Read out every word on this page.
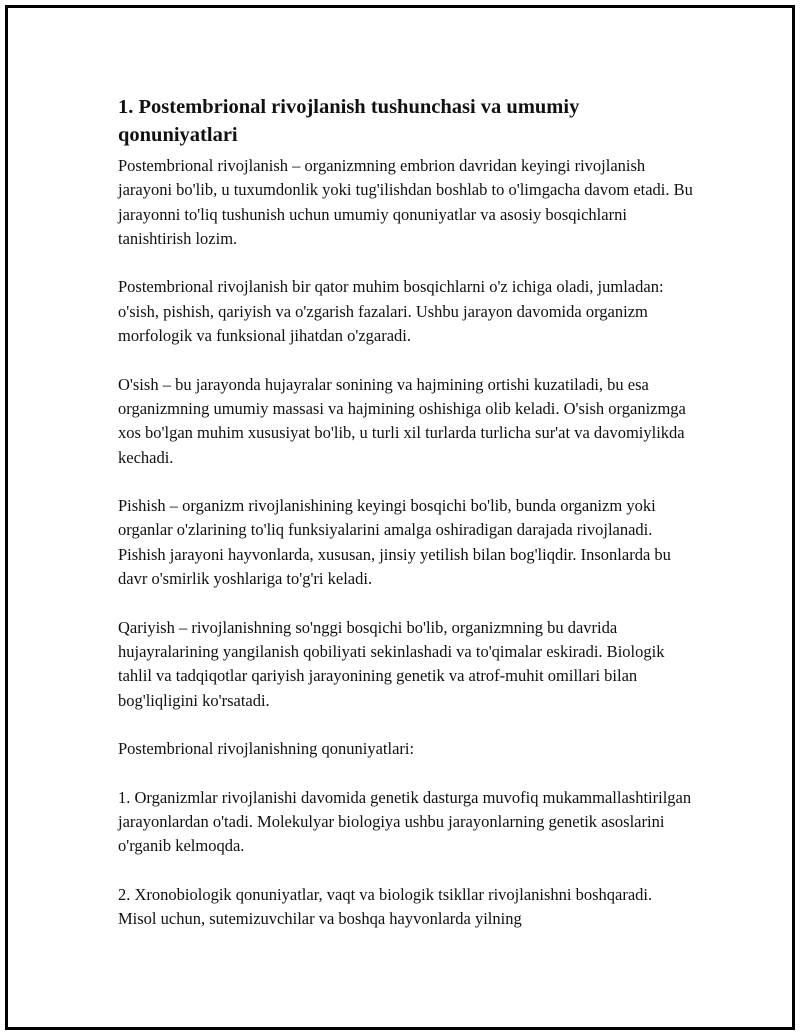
1. Postembrional rivojlanish tushunchasi va umumiy qonuniyatlari

Postembrional rivojlanish – organizmning embrion davridan keyingi rivojlanish jarayoni bo'lib, u tuxumdonlik yoki tug'ilishdan boshlab to o'limgacha davom etadi. Bu jarayonni to'liq tushunish uchun umumiy qonuniyatlar va asosiy bosqichlarni tanishtirish lozim.

Postembrional rivojlanish bir qator muhim bosqichlarni o'z ichiga oladi, jumladan: o'sish, pishish, qariyish va o'zgarish fazalari. Ushbu jarayon davomida organizm morfologik va funksional jihatdan o'zgaradi.

O'sish – bu jarayonda hujayralar sonining va hajmining ortishi kuzatiladi, bu esa organizmning umumiy massasi va hajmining oshishiga olib keladi. O'sish organizmga xos bo'lgan muhim xususiyat bo'lib, u turli xil turlarda turlicha sur'at va davomiylikda kechadi.

Pishish – organizm rivojlanishining keyingi bosqichi bo'lib, bunda organizm yoki organlar o'zlarining to'liq funksiyalarini amalga oshiradigan darajada rivojlanadi. Pishish jarayoni hayvonlarda, xususan, jinsiy yetilish bilan bog'liqdir. Insonlarda bu davr o'smirlik yoshlariga to'g'ri keladi.

Qariyish – rivojlanishning so'nggi bosqichi bo'lib, organizmning bu davrida hujayralarining yangilanish qobiliyati sekinlashadi va to'qimalar eskiradi. Biologik tahlil va tadqiqotlar qariyish jarayonining genetik va atrof-muhit omillari bilan bog'liqligini ko'rsatadi.

Postembrional rivojlanishning qonuniyatlari:

1. Organizmlar rivojlanishi davomida genetik dasturga muvofiq mukammallashtirilgan jarayonlardan o'tadi. Molekulyar biologiya ushbu jarayonlarning genetik asoslarini o'rganib kelmoqda.

2. Xronobiologik qonuniyatlar, vaqt va biologik tsikllar rivojlanishni boshqaradi. Misol uchun, sutemizuvchilar va boshqa hayvonlarda yilning
